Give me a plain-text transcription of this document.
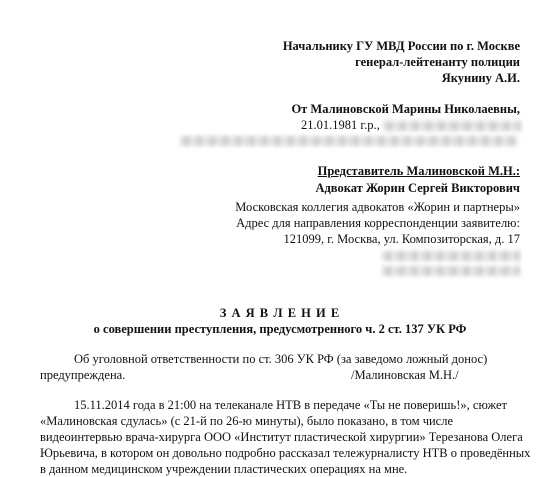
Начальнику ГУ МВД России по г. Москве
генерал-лейтенанту полиции
Якунину А.И.
От Малиновской Марины Николаевны,
21.01.1981 г.р.,
Представитель Малиновской М.Н.:
Адвокат Жорин Сергей Викторович
Московская коллегия адвокатов «Жорин и партнеры»
Адрес для направления корреспонденции заявителю:
121099, г. Москва, ул. Композиторская, д. 17
З А Я В Л Е Н И Е
о совершении преступления, предусмотренного ч. 2 ст. 137 УК РФ
Об уголовной ответственности по ст. 306 УК РФ (за заведомо ложный донос)
предупреждена.	/Малиновская М.Н./
15.11.2014 года в 21:00 на телеканале НТВ в передаче «Ты не поверишь!», сюжет
«Малиновская сдулась» (с 21-й по 26-ю минуты), было показано, в том числе
видеоинтервью врача-хирурга ООО «Институт пластической хирургии» Терезанова Олега
Юрьевича, в котором он довольно подробно рассказал тележурналисту НТВ о проведённых
в данном медицинском учреждении пластических операциях на мне.
